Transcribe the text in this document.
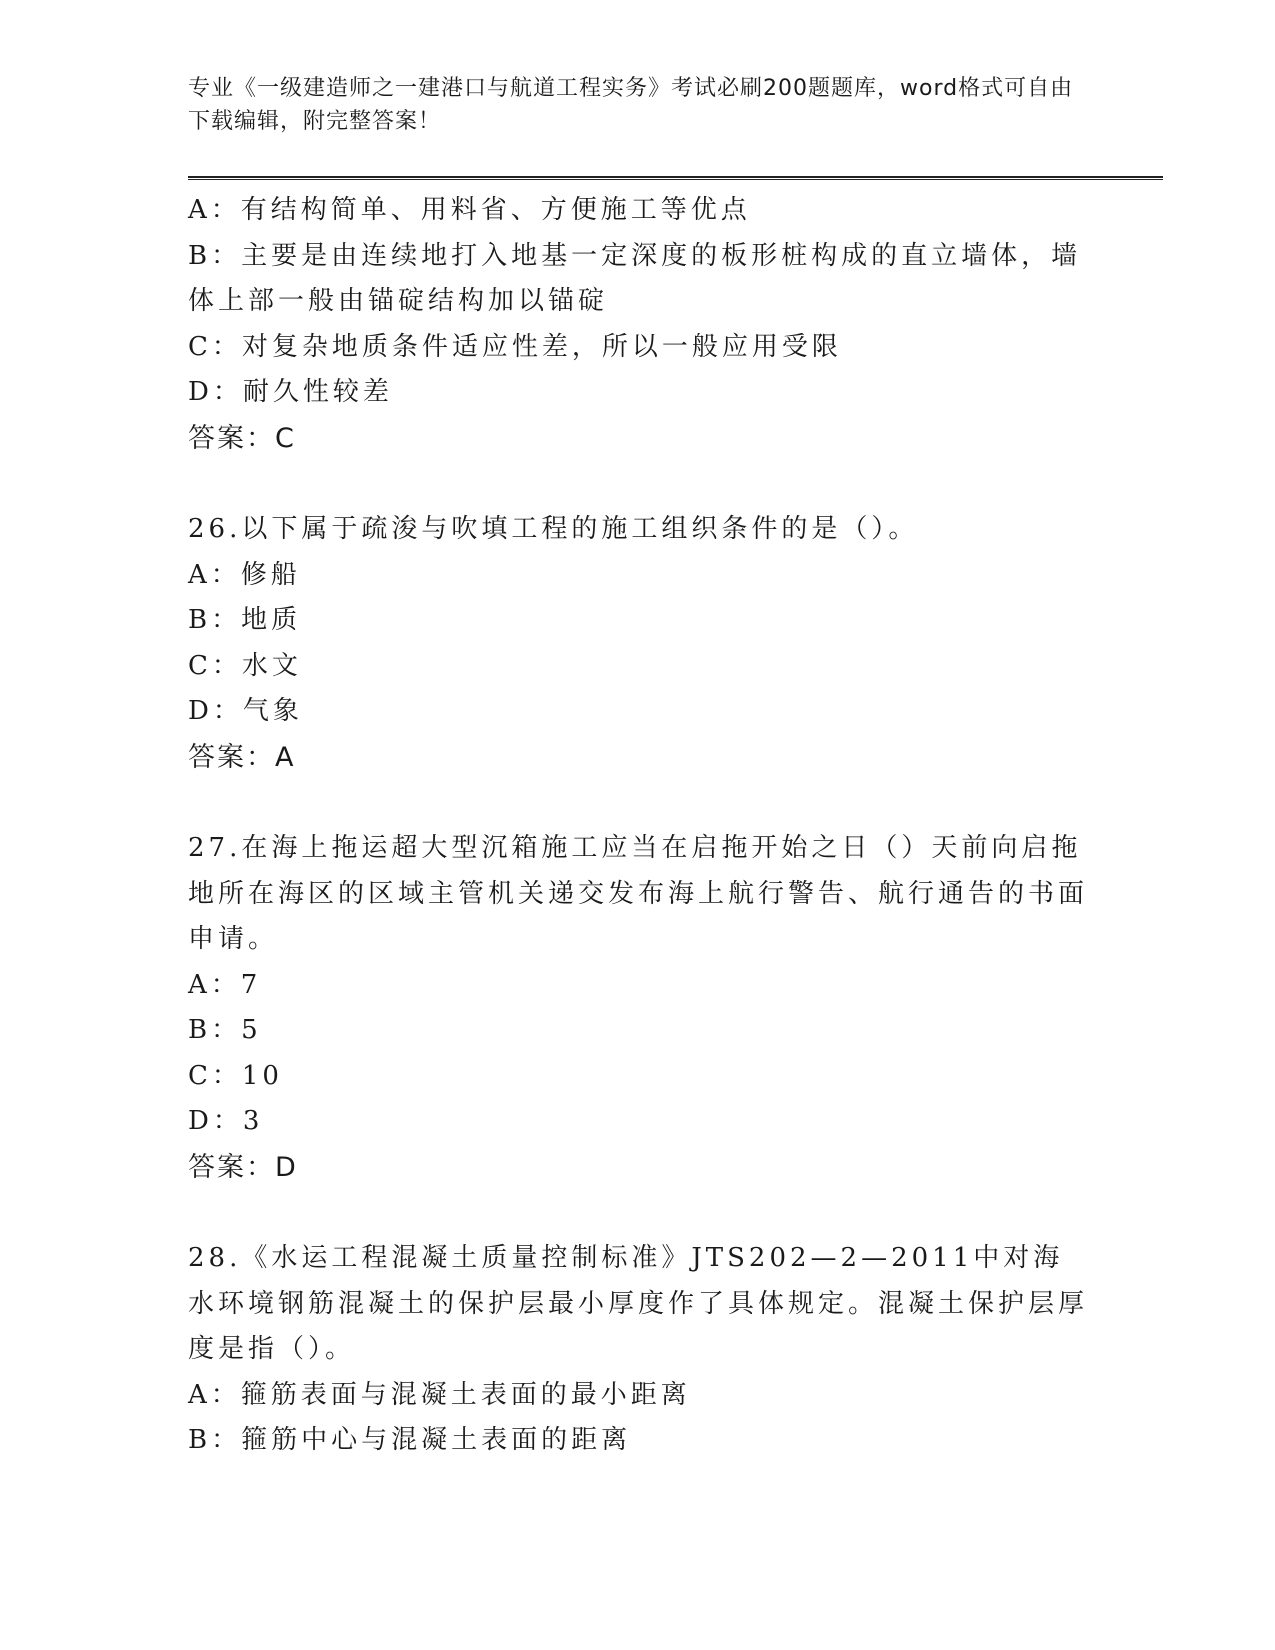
专业《一级建造师之一建港口与航道工程实务》考试必刷200题题库，word格式可自由下载编辑，附完整答案！

A：有结构简单、用料省、方便施工等优点

B：主要是由连续地打入地基一定深度的板形桩构成的直立墙体，墙体上部一般由锚碇结构加以锚碇

C：对复杂地质条件适应性差，所以一般应用受限

D：耐久性较差

答案：C

26.以下属于疏浚与吹填工程的施工组织条件的是（）。

A：修船

B：地质

C：水文

D：气象

答案：A

27.在海上拖运超大型沉箱施工应当在启拖开始之日（）天前向启拖地所在海区的区域主管机关递交发布海上航行警告、航行通告的书面申请。

A：7

B：5

C：10

D：3

答案：D

28.《水运工程混凝土质量控制标准》JTS202—2—2011中对海水环境钢筋混凝土的保护层最小厚度作了具体规定。混凝土保护层厚度是指（）。

A：箍筋表面与混凝土表面的最小距离

B：箍筋中心与混凝土表面的距离
